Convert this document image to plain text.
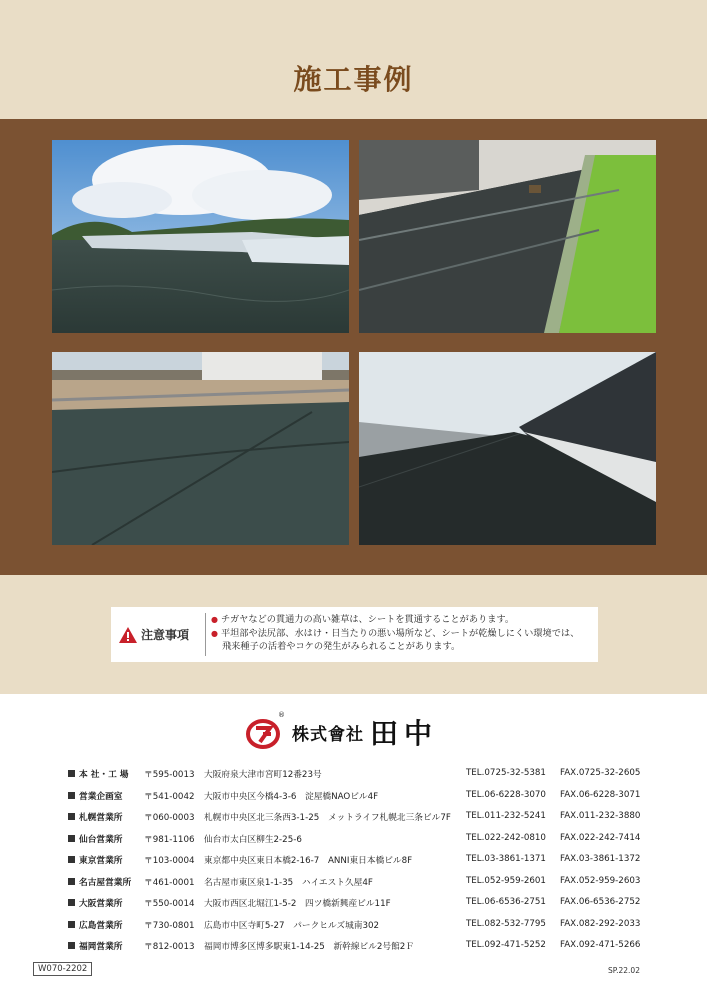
施工事例
注意事項
● チガヤなどの貫通力の高い雑草は、シートを貫通することがあります。
● 平坦部や法尻部、水はけ・日当たりの悪い場所など、シートが乾燥しにくい環境では、
飛来種子の活着やコケの発生がみられることがあります。
®
株式會社 田中
本 社・工 場 〒595-0013 大阪府泉大津市宮町12番23号	TEL.0725-32-5381 FAX.0725-32-2605
営業企画室 〒541-0042 大阪市中央区今橋4-3-6　淀屋橋NAOビル4F	TEL.06-6228-3070 FAX.06-6228-3071
札幌営業所 〒060-0003 札幌市中央区北三条西3-1-25　メットライフ札幌北三条ビル7F TEL.011-232-5241 FAX.011-232-3880
仙台営業所 〒981-1106 仙台市太白区柳生2-25-6	TEL.022-242-0810 FAX.022-242-7414
東京営業所 〒103-0004 東京都中央区東日本橋2-16-7　ANNI東日本橋ビル8F	TEL.03-3861-1371 FAX.03-3861-1372
名古屋営業所 〒461-0001 名古屋市東区泉1-1-35　ハイエスト久屋4F	TEL.052-959-2601 FAX.052-959-2603
大阪営業所 〒550-0014 大阪市西区北堀江1-5-2　四ツ橋新興産ビル11F	TEL.06-6536-2751 FAX.06-6536-2752
広島営業所 〒730-0801 広島市中区寺町5-27　パークヒルズ城南302	TEL.082-532-7795 FAX.082-292-2033
福岡営業所 〒812-0013 福岡市博多区博多駅東1-14-25　新幹線ビル2号館2Ｆ	TEL.092-471-5252 FAX.092-471-5266
W070-2202	SP.22.02
